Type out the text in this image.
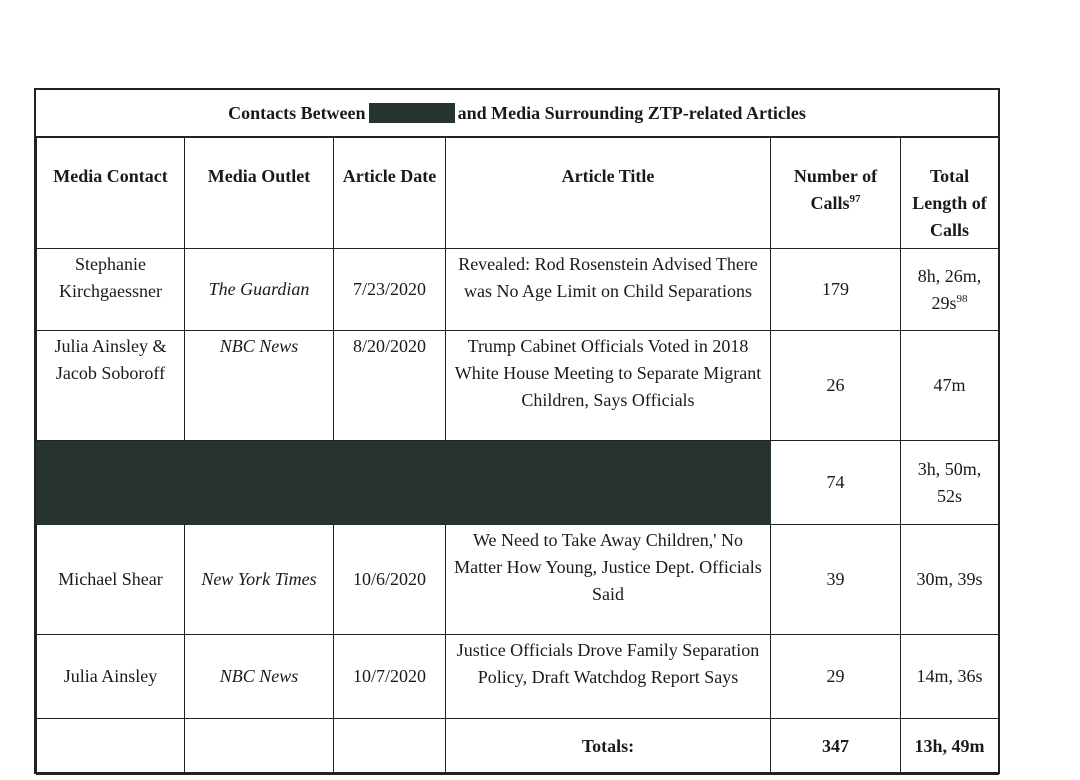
Contacts Between	and Media Surrounding ZTP-related Articles
Media Contact	Media Outlet	Article Date	Article Title	Number of Calls$^{97}$	Total Length of Calls
Stephanie Kirchgaessner	The Guardian	7/23/2020	Revealed: Rod Rosenstein Advised There was No Age Limit on Child Separations	179	8h, 26m, $29s^{98}$
Julia Ainsley & Jacob Soboroff	NBC News	8/20/2020	Trump Cabinet Officials Voted in 2018 White House Meeting to Separate Migrant Children, Says Officials	26	47m
				74	3h, 50m, 52s
Michael Shear	New York Times	10/6/2020	We Need to Take Away Children,' No Matter How Young, Justice Dept. Officials Said	39	30m, 39s
Julia Ainsley	NBC News	10/7/2020	Justice Officials Drove Family Separation Policy, Draft Watchdog Report Says	29	14m, 36s
			Totals:	347	13h, 49m
